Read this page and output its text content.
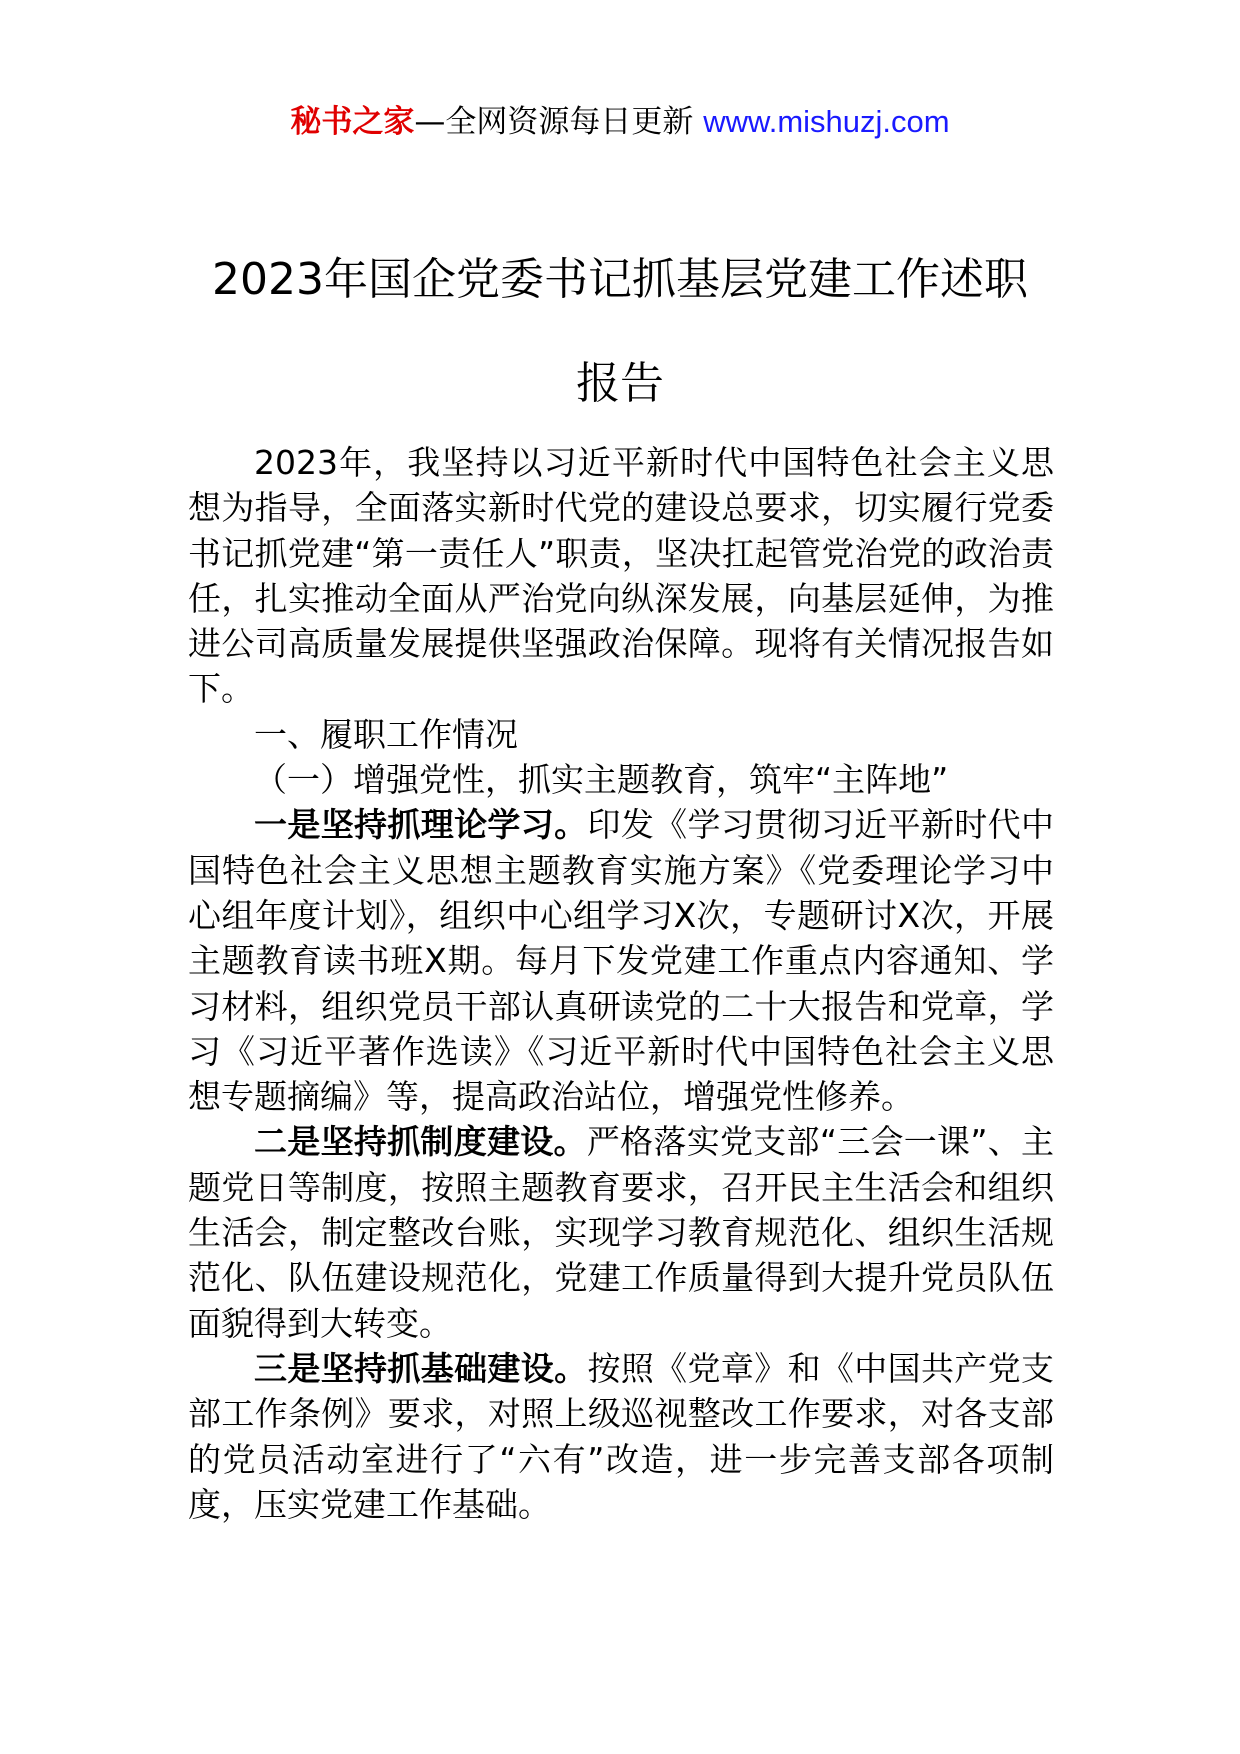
秘书之家—全网资源每日更新 www.mishuzj.com
2023年国企党委书记抓基层党建工作述职
报告

2023年，我坚持以习近平新时代中国特色社会主义思想为指导，全面落实新时代党的建设总要求，切实履行党委书记抓党建“第一责任人”职责，坚决扛起管党治党的政治责任，扎实推动全面从严治党向纵深发展，向基层延伸，为推进公司高质量发展提供坚强政治保障。现将有关情况报告如下。

一、履职工作情况

（一）增强党性，抓实主题教育，筑牢“主阵地”

一是坚持抓理论学习。印发《学习贯彻习近平新时代中国特色社会主义思想主题教育实施方案》《党委理论学习中心组年度计划》，组织中心组学习X次，专题研讨X次，开展主题教育读书班X期。每月下发党建工作重点内容通知、学习材料，组织党员干部认真研读党的二十大报告和党章，学习《习近平著作选读》《习近平新时代中国特色社会主义思想专题摘编》等，提高政治站位，增强党性修养。

二是坚持抓制度建设。严格落实党支部“三会一课”、主题党日等制度，按照主题教育要求，召开民主生活会和组织生活会，制定整改台账，实现学习教育规范化、组织生活规范化、队伍建设规范化，党建工作质量得到大提升党员队伍面貌得到大转变。

三是坚持抓基础建设。按照《党章》和《中国共产党支部工作条例》要求，对照上级巡视整改工作要求，对各支部的党员活动室进行了“六有”改造，进一步完善支部各项制度，压实党建工作基础。
